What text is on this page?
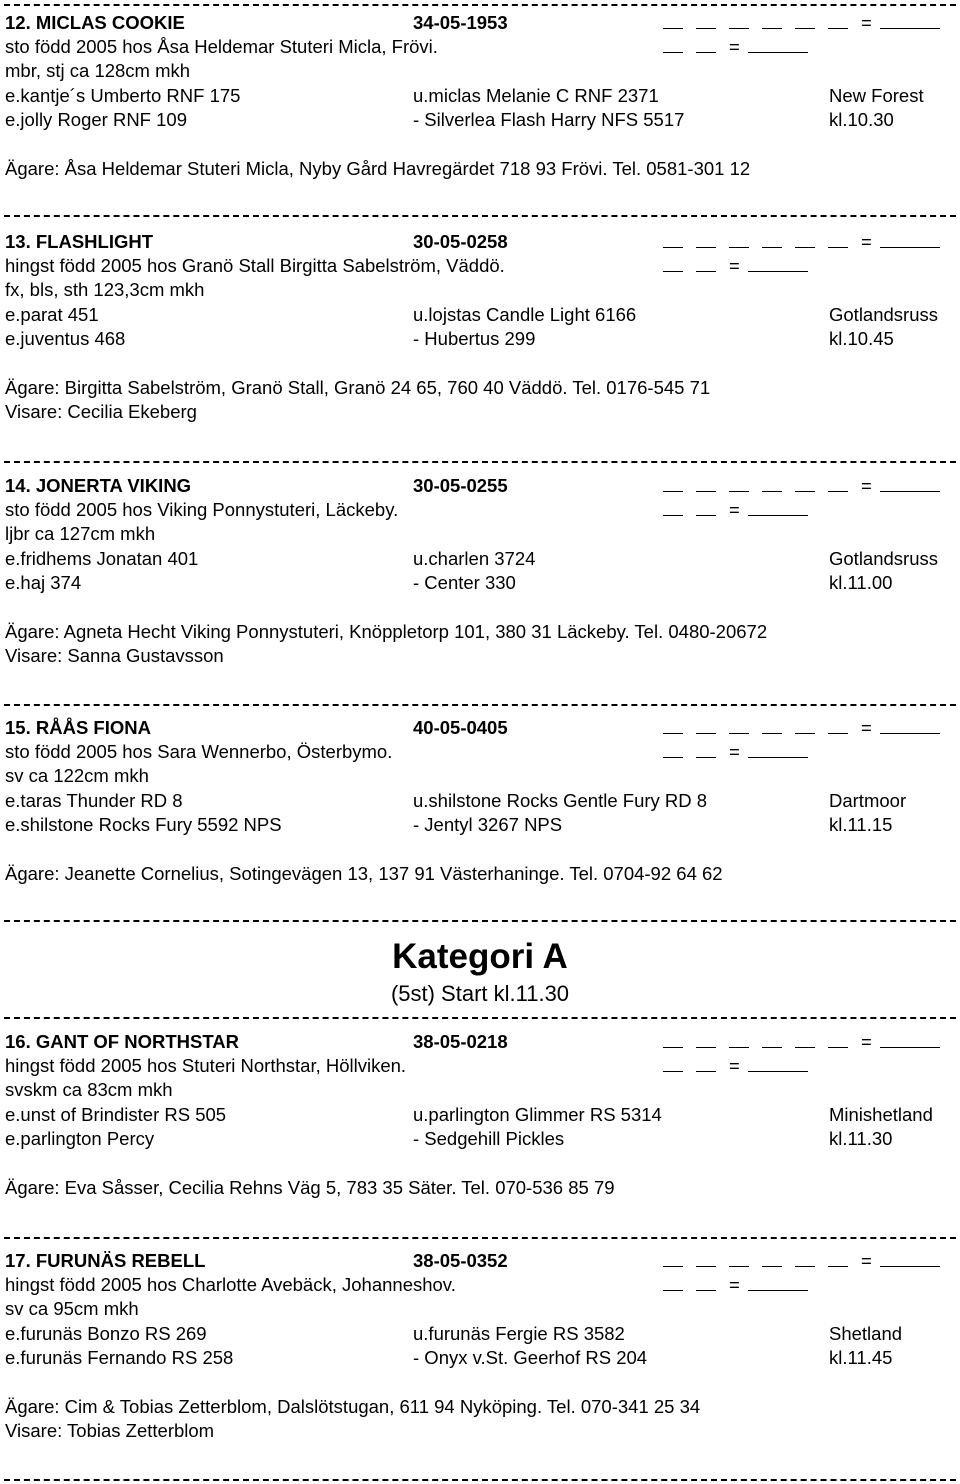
Kategori A
(5st) Start kl.11.30
12. MICLAS COOKIE	34-05-1953	=
sto född 2005 hos Åsa Heldemar Stuteri Micla, Frövi.	=
mbr, stj ca 128cm mkh
e.kantje´s Umberto RNF 175	u.miclas Melanie C RNF 2371	New Forest
e.jolly Roger RNF 109	- Silverlea Flash Harry NFS 5517	kl.10.30
Ägare: Åsa Heldemar Stuteri Micla, Nyby Gård Havregärdet 718 93 Frövi. Tel. 0581-301 12
13. FLASHLIGHT	30-05-0258	=
hingst född 2005 hos Granö Stall Birgitta Sabelström, Väddö.	=
fx, bls, sth 123,3cm mkh
e.parat 451	u.lojstas Candle Light 6166	Gotlandsruss
e.juventus 468	- Hubertus 299	kl.10.45
Ägare: Birgitta Sabelström, Granö Stall, Granö 24 65, 760 40 Väddö. Tel. 0176-545 71
Visare: Cecilia Ekeberg
14. JONERTA VIKING	30-05-0255	=
sto född 2005 hos Viking Ponnystuteri, Läckeby.	=
ljbr ca 127cm mkh
e.fridhems Jonatan 401	u.charlen 3724	Gotlandsruss
e.haj 374	- Center 330	kl.11.00
Ägare: Agneta Hecht Viking Ponnystuteri, Knöppletorp 101, 380 31 Läckeby. Tel. 0480-20672
Visare: Sanna Gustavsson
15. RÅÅS FIONA	40-05-0405	=
sto född 2005 hos Sara Wennerbo, Österbymo.	=
sv ca 122cm mkh
e.taras Thunder RD 8	u.shilstone Rocks Gentle Fury RD 8	Dartmoor
e.shilstone Rocks Fury 5592 NPS	- Jentyl 3267 NPS	kl.11.15
Ägare: Jeanette Cornelius, Sotingevägen 13, 137 91 Västerhaninge. Tel. 0704-92 64 62
16. GANT OF NORTHSTAR	38-05-0218	=
hingst född 2005 hos Stuteri Northstar, Höllviken.	=
svskm ca 83cm mkh
e.unst of Brindister RS 505	u.parlington Glimmer RS 5314	Minishetland
e.parlington Percy	- Sedgehill Pickles	kl.11.30
Ägare: Eva Såsser, Cecilia Rehns Väg 5, 783 35 Säter. Tel. 070-536 85 79
17. FURUNÄS REBELL	38-05-0352	=
hingst född 2005 hos Charlotte Avebäck, Johanneshov.	=
sv ca 95cm mkh
e.furunäs Bonzo RS 269	u.furunäs Fergie RS 3582	Shetland
e.furunäs Fernando RS 258	- Onyx v.St. Geerhof RS 204	kl.11.45
Ägare: Cim & Tobias Zetterblom, Dalslötstugan, 611 94 Nyköping. Tel. 070-341 25 34
Visare: Tobias Zetterblom
